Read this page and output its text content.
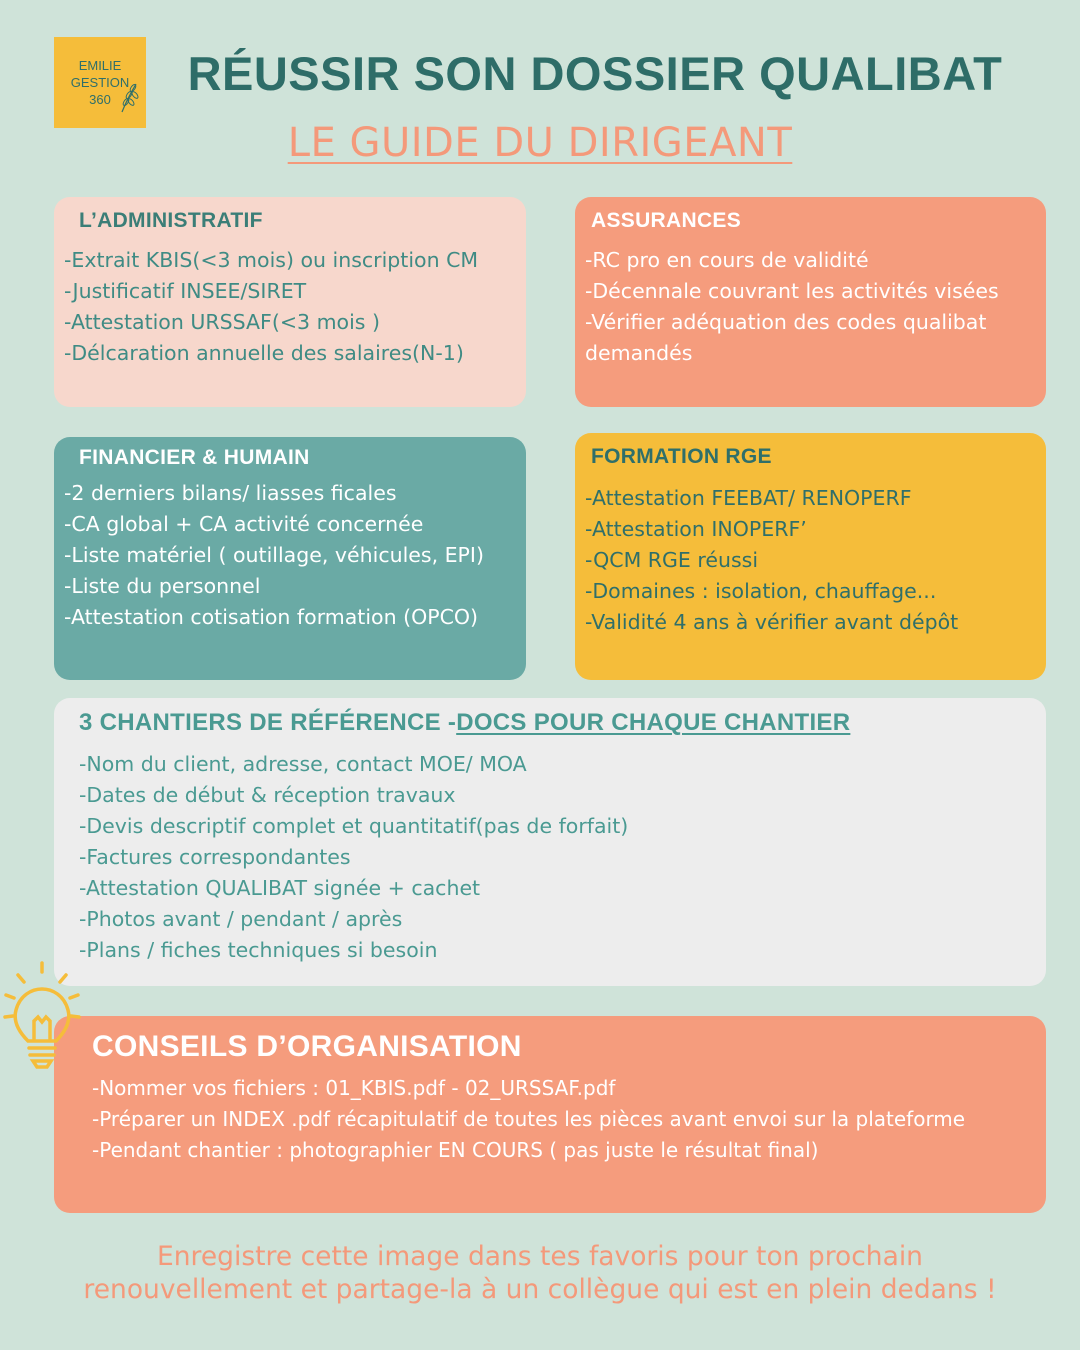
EMILIE
GESTION
360	RÉUSSIR SON DOSSIER QUALIBAT
LE GUIDE DU DIRIGEANT
L’ADMINISTRATIF
-Extrait KBIS(<3 mois) ou inscription CM
-Justificatif INSEE/SIRET
-Attestation URSSAF(<3 mois )
-Délcaration annuelle des salaires(N-1)
ASSURANCES
-RC pro en cours de validité
-Décennale couvrant les activités visées
-Vérifier adéquation des codes qualibat demandés
FINANCIER & HUMAIN
-2 derniers bilans/ liasses ficales
-CA global + CA activité concernée
-Liste matériel ( outillage, véhicules, EPI)
-Liste du personnel
-Attestation cotisation formation (OPCO)
FORMATION RGE
-Attestation FEEBAT/ RENOPERF
-Attestation INOPERF’
-QCM RGE réussi
-Domaines : isolation, chauffage...
-Validité 4 ans à vérifier avant dépôt
3 CHANTIERS DE RÉFÉRENCE -DOCS POUR CHAQUE CHANTIER
-Nom du client, adresse, contact MOE/ MOA
-Dates de début & réception travaux
-Devis descriptif complet et quantitatif(pas de forfait)
-Factures correspondantes
-Attestation QUALIBAT signée + cachet
-Photos avant / pendant / après
-Plans / fiches techniques si besoin
CONSEILS D’ORGANISATION
-Nommer vos fichiers : 01_KBIS.pdf - 02_URSSAF.pdf
-Préparer un INDEX .pdf récapitulatif de toutes les pièces avant envoi sur la plateforme
-Pendant chantier : photographier EN COURS ( pas juste le résultat final)
Enregistre cette image dans tes favoris pour ton prochain
renouvellement et partage-la à un collègue qui est en plein dedans !
